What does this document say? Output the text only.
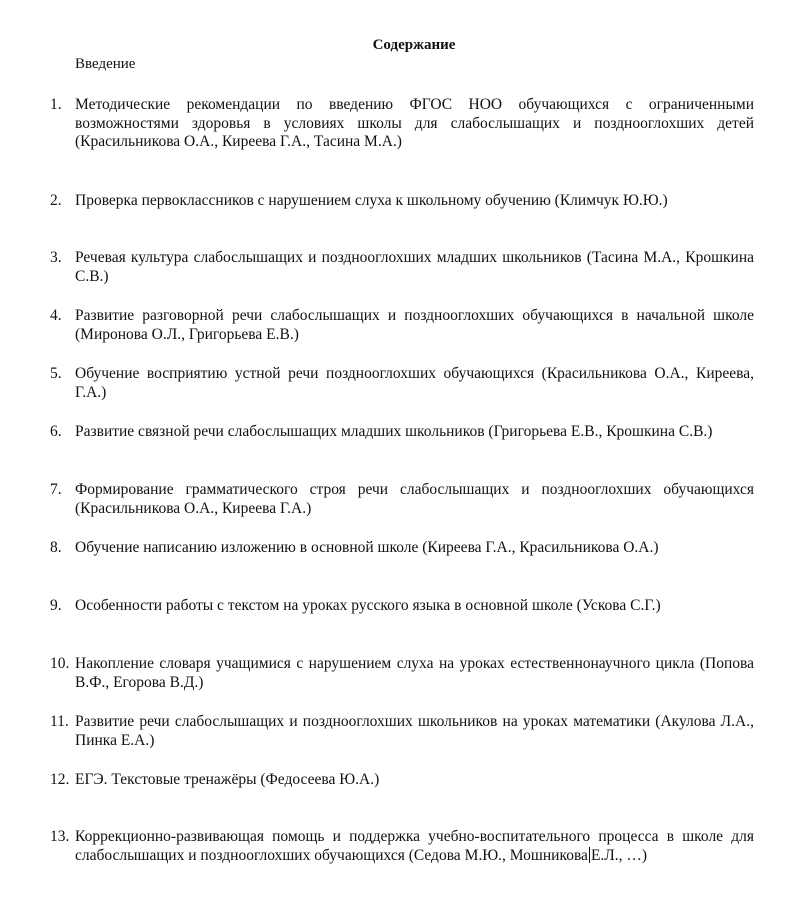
Содержание
Введение
1. Методические рекомендации по введению ФГОС НОО обучающихся с ограниченными возможностями здоровья в условиях школы для слабослышащих и позднооглохших детей (Красильникова О.А., Киреева Г.А., Тасина М.А.)
2. Проверка первоклассников с нарушением слуха к школьному обучению (Климчук Ю.Ю.)
3. Речевая культура слабослышащих и позднооглохших младших школьников (Тасина М.А., Крошкина С.В.)
4. Развитие разговорной речи слабослышащих и позднооглохших обучающихся в начальной школе (Миронова О.Л., Григорьева Е.В.)
5. Обучение восприятию устной речи позднооглохших обучающихся (Красильникова О.А., Киреева, Г.А.)
6. Развитие связной речи слабослышащих младших школьников (Григорьева Е.В., Крошкина С.В.)
7. Формирование грамматического строя речи слабослышащих и позднооглохших обучающихся (Красильникова О.А., Киреева Г.А.)
8. Обучение написанию изложению в основной школе (Киреева Г.А., Красильникова О.А.)
9. Особенности работы с текстом на уроках русского языка в основной школе (Ускова С.Г.)
10. Накопление словаря учащимися с нарушением слуха на уроках естественнонаучного цикла (Попова В.Ф., Егорова В.Д.)
11. Развитие речи слабослышащих и позднооглохших школьников на уроках математики (Акулова Л.А., Пинка Е.А.)
12. ЕГЭ. Текстовые тренажёры (Федосеева Ю.А.)
13. Коррекционно-развивающая помощь и поддержка учебно-воспитательного процесса в школе для слабослышащих и позднооглохших обучающихся (Седова М.Ю., Мошникова Е.Л., …)
